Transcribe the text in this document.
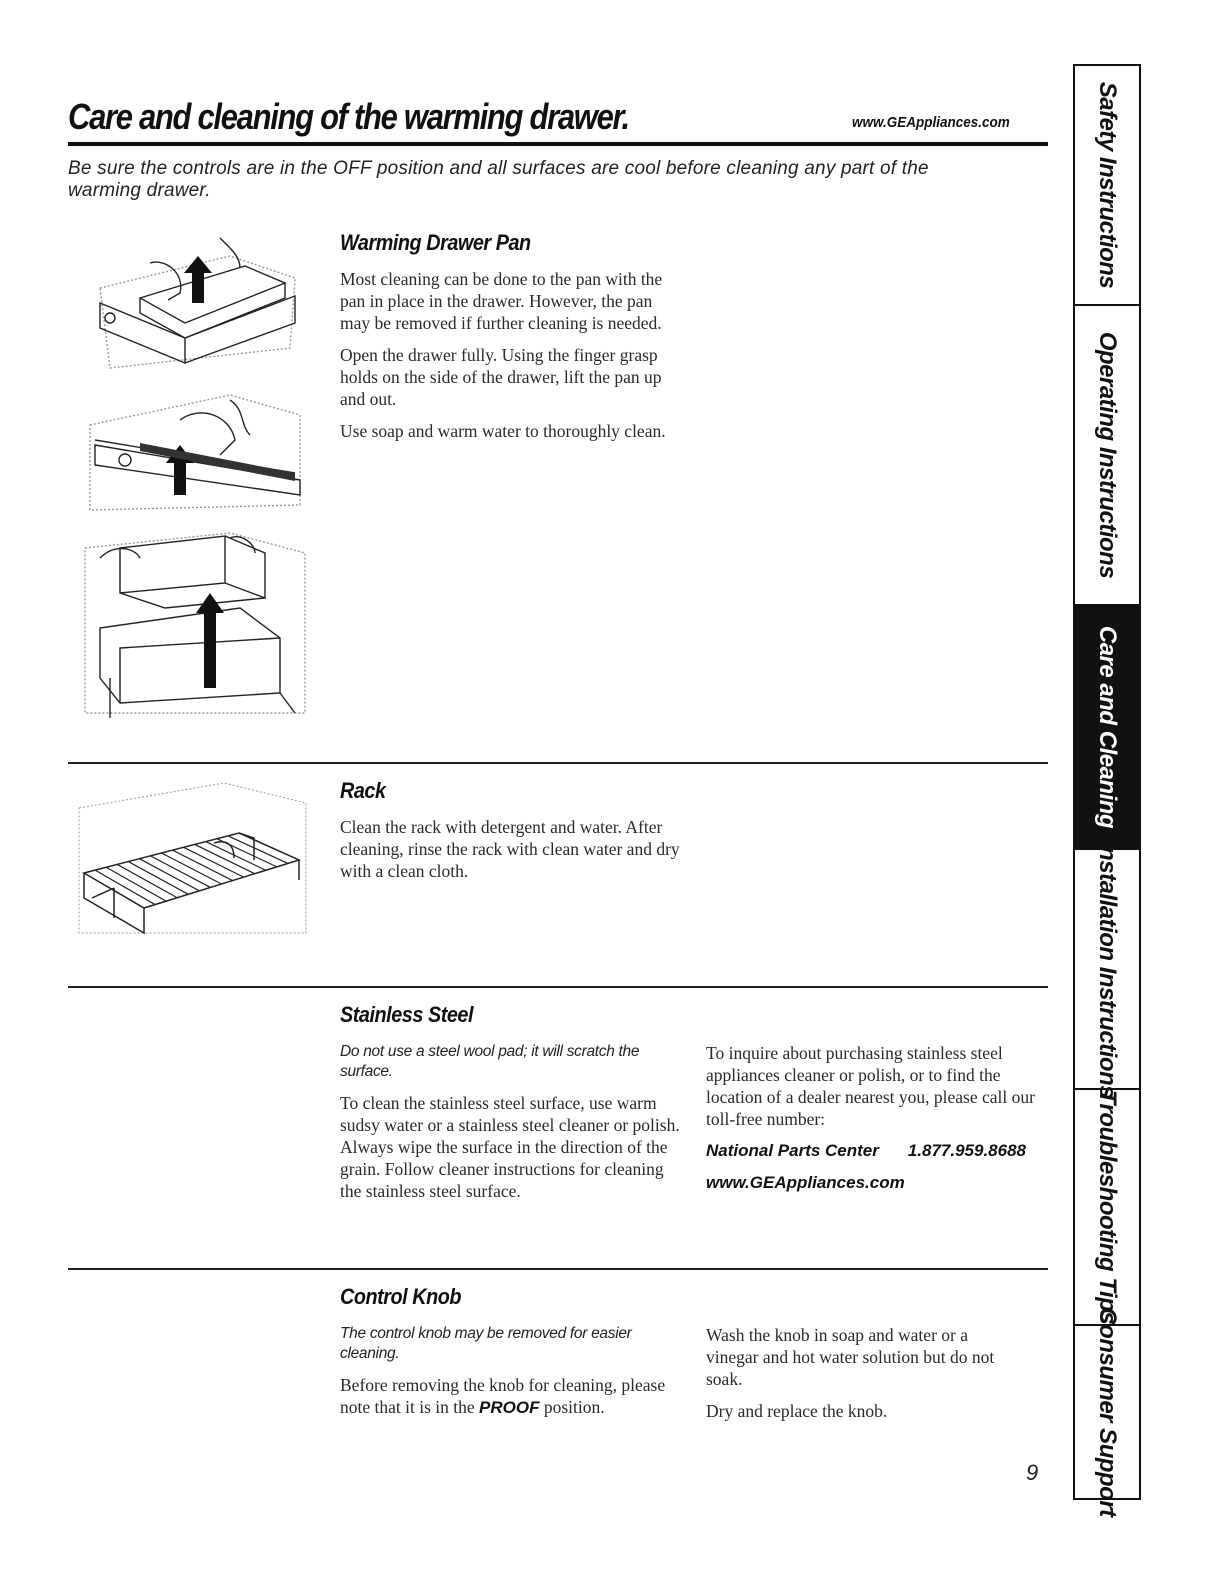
Care and cleaning of the warming drawer.	www.GEAppliances.com
Be sure the controls are in the OFF position and all surfaces are cool before cleaning any part of the warming drawer.
Warming Drawer Pan

Most cleaning can be done to the pan with the pan in place in the drawer. However, the pan may be removed if further cleaning is needed.

Open the drawer fully. Using the finger grasp holds on the side of the drawer, lift the pan up and out.

Use soap and warm water to thoroughly clean.

Rack

Clean the rack with detergent and water. After cleaning, rinse the rack with clean water and dry with a clean cloth.

Stainless Steel

Do not use a steel wool pad; it will scratch the surface.

To clean the stainless steel surface, use warm sudsy water or a stainless steel cleaner or polish. Always wipe the surface in the direction of the grain. Follow cleaner instructions for cleaning the stainless steel surface.

To inquire about purchasing stainless steel appliances cleaner or polish, or to find the location of a dealer nearest you, please call our toll-free number:

National Parts Center 1.877.959.8688
www.GEAppliances.com
Control Knob

The control knob may be removed for easier cleaning.

Before removing the knob for cleaning, please note that it is in the PROOF position.

Wash the knob in soap and water or a vinegar and hot water solution but do not soak.

Dry and replace the knob.

9
Safety Instructions
Operating Instructions
Care and Cleaning
Installation Instructions
Troubleshooting Tips
Consumer Support
